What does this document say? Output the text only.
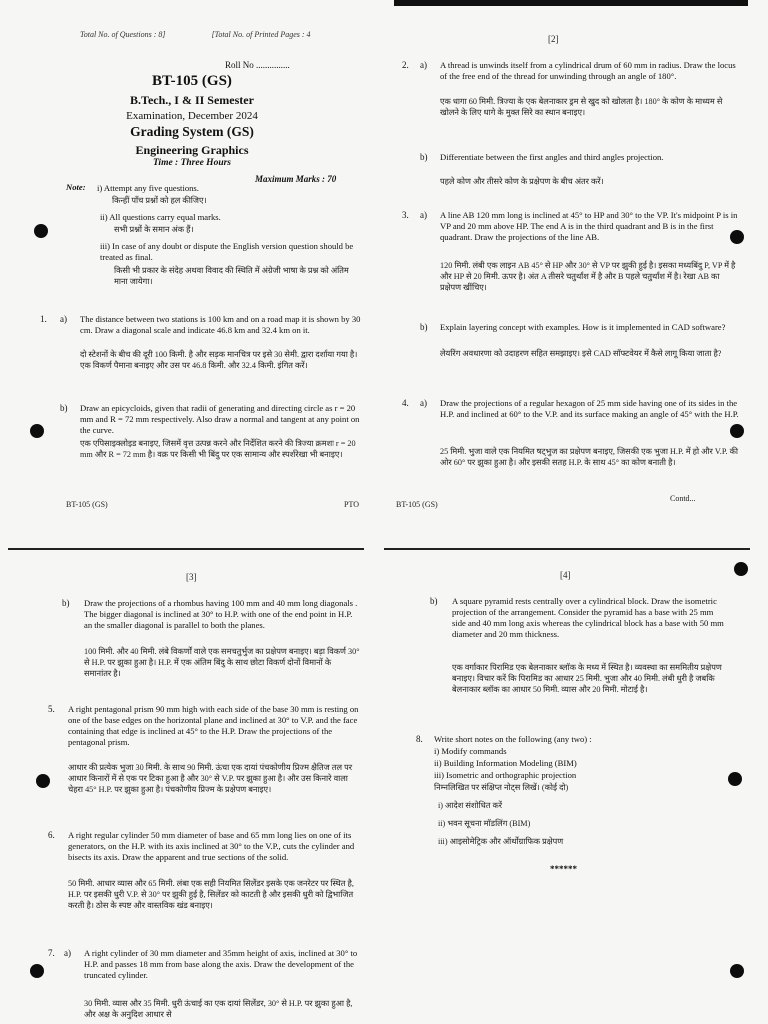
Total No. of Questions : 8]	[Total No. of Printed Pages : 4
Roll No ...............
BT-105 (GS)
B.Tech., I & II Semester
Examination, December 2024
Grading System (GS)
Engineering Graphics
Time : Three Hours
Maximum Marks : 70
Note: i) Attempt any five questions.
किन्हीं पाँच प्रश्नों को हल कीजिए।
ii) All questions carry equal marks.
सभी प्रश्नों के समान अंक हैं।
iii) In case of any doubt or dispute the English version question should be treated as final.
किसी भी प्रकार के संदेह अथवा विवाद की स्थिति में अंग्रेजी भाषा के प्रश्न को अंतिम माना जायेगा।
1. a) The distance between two stations is 100 km and on a road map it is shown by 30 cm. Draw a diagonal scale and indicate 46.8 km and 32.4 km on it.
दो स्टेशनों के बीच की दूरी 100 किमी. है और सड़क मानचित्र पर इसे 30 सेमी. द्वारा दर्शाया गया है। एक विकर्ण पैमाना बनाइए और उस पर 46.8 किमी. और 32.4 किमी. इंगित करें।
b) Draw an epicycloids, given that radii of generating and directing circle as r = 20 mm and R = 72 mm respectively. Also draw a normal and tangent at any point on the curve.
एक एपिसाइक्लोइड बनाइए, जिसमें वृत्त उत्पन्न करने और निर्देशित करने की त्रिज्या क्रमशः r = 20 mm और R = 72 mm है। वक्र पर किसी भी बिंदु पर एक सामान्य और स्पर्शरेखा भी बनाइए।
BT-105 (GS)	PTO
[2]
2. a) A thread is unwinds itself from a cylindrical drum of 60 mm in radius. Draw the locus of the free end of the thread for unwinding through an angle of 180°.
एक धागा 60 मिमी. त्रिज्या के एक बेलनाकार ड्रम से खुद को खोलता है। 180° के कोण के माध्यम से खोलने के लिए धागे के मुक्त सिरे का स्थान बनाइए।
b) Differentiate between the first angles and third angles projection.
पहले कोण और तीसरे कोण के प्रक्षेपण के बीच अंतर करें।
3. a) A line AB 120 mm long is inclined at 45° to HP and 30° to the VP. It's midpoint P is in VP and 20 mm above HP. The end A is in the third quadrant and B is in the first quadrant. Draw the projections of the line AB.
120 मिमी. लंबी एक लाइन AB 45° से HP और 30° से VP पर झुकी हुई है। इसका मध्यबिंदु P, VP में है और HP से 20 मिमी. ऊपर है। अंत A तीसरे चतुर्थांश में है और B पहले चतुर्थांश में है। रेखा AB का प्रक्षेपण खींचिए।
b) Explain layering concept with examples. How is it implemented in CAD software?
लेयरिंग अवधारणा को उदाहरण सहित समझाइए। इसे CAD सॉफ्टवेयर में कैसे लागू किया जाता है?
4. a) Draw the projections of a regular hexagon of 25 mm side having one of its sides in the H.P. and inclined at 60° to the V.P. and its surface making an angle of 45° with the H.P.
25 मिमी. भुजा वाले एक नियमित षट्भुज का प्रक्षेपण बनाइए, जिसकी एक भुजा H.P. में हो और V.P. की ओर 60° पर झुका हुआ है। और इसकी सतह H.P. के साथ 45° का कोण बनाती है।
BT-105 (GS)
Contd...
[3]
b) Draw the projections of a rhombus having 100 mm and 40 mm long diagonals . The bigger diagonal is inclined at 30° to H.P. with one of the end point in H.P. an the smaller diagonal is parallel to both the planes.
100 मिमी. और 40 मिमी. लंबे विकर्णों वाले एक समचतुर्भुज का प्रक्षेपण बनाइए। बड़ा विकर्ण 30° से H.P. पर झुका हुआ है। H.P. में एक अंतिम बिंदु के साथ छोटा विकर्ण दोनों विमानों के समानांतर है।
5. A right pentagonal prism 90 mm high with each side of the base 30 mm is resting on one of the base edges on the horizontal plane and inclined at 30° to V.P. and the face containing that edge is inclined at 45° to the H.P. Draw the projections of the pentagonal prism.
आधार की प्रत्येक भुजा 30 मिमी. के साथ 90 मिमी. ऊंचा एक दायां पंचकोणीय प्रिज्म क्षैतिज तल पर आधार किनारों में से एक पर टिका हुआ है और 30° से V.P. पर झुका हुआ है। और उस किनारे वाला चेहरा 45° H.P. पर झुका हुआ है। पंचकोणीय प्रिज्म के प्रक्षेपण बनाइए।
6. A right regular cylinder 50 mm diameter of base and 65 mm long lies on one of its generators, on the H.P. with its axis inclined at 30° to the V.P., cuts the cylinder and bisects its axis. Draw the apparent and true sections of the solid.
50 मिमी. आधार व्यास और 65 मिमी. लंबा एक सही नियमित सिलेंडर इसके एक जनरेटर पर स्थित है, H.P. पर इसकी धुरी V.P. से 30° पर झुकी हुई है, सिलेंडर को काटती है और इसकी धुरी को द्विभाजित करती है। ठोस के स्पष्ट और वास्तविक खंड बनाइए।
7. a) A right cylinder of 30 mm diameter and 35mm height of axis, inclined at 30° to H.P. and passes 18 mm from base along the axis. Draw the development of the truncated cylinder.
30 मिमी. व्यास और 35 मिमी. धुरी ऊंचाई का एक दायां सिलेंडर, 30° से H.P. पर झुका हुआ है, और अक्ष के अनुदिश आधार से
[4]
b) A square pyramid rests centrally over a cylindrical block. Draw the isometric projection of the arrangement. Consider the pyramid has a base with 25 mm side and 40 mm long axis whereas the cylindrical block has a base with 50 mm diameter and 20 mm thickness.
एक वर्गाकार पिरामिड एक बेलनाकार ब्लॉक के मध्य में स्थित है। व्यवस्था का सममितीय प्रक्षेपण बनाइए। विचार करें कि पिरामिड का आधार 25 मिमी. भुजा और 40 मिमी. लंबी धुरी है जबकि बेलनाकार ब्लॉक का आधार 50 मिमी. व्यास और 20 मिमी. मोटाई है।
8. Write short notes on the following (any two) :
i) Modify commands
ii) Building Information Modeling (BIM)
iii) Isometric and orthographic projection
निम्नलिखित पर संक्षिप्त नोट्स लिखें। (कोई दो)
i) आदेश संशोधित करें
ii) भवन सूचना मॉडलिंग (BIM)
iii) आइसोमेट्रिक और ऑर्थोग्राफिक प्रक्षेपण
******
